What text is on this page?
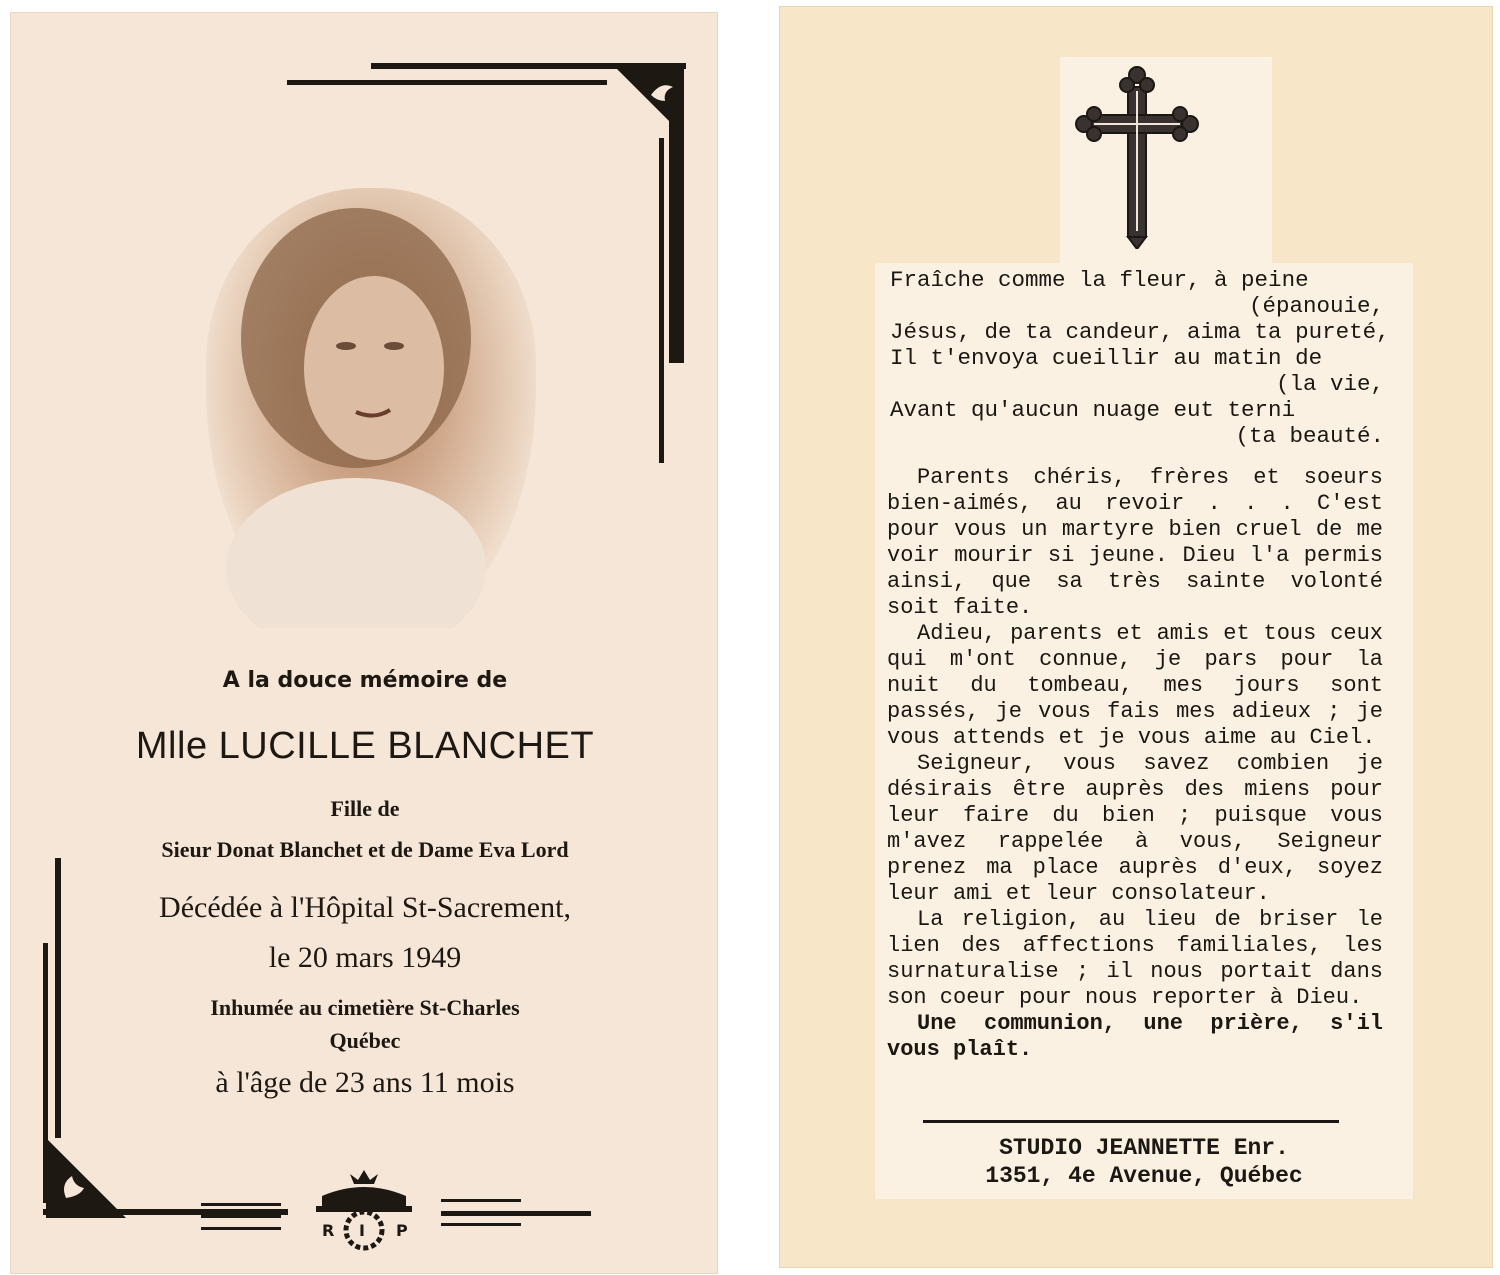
A la douce mémoire de

Mlle LUCILLE BLANCHET

Fille de

Sieur Donat Blanchet et de Dame Eva Lord

Décédée à l'Hôpital St-Sacrement,

le 20 mars 1949

Inhumée au cimetière St-Charles

Québec

à l'âge de 23 ans 11 mois

R I P
Fraîche comme la fleur, à peine
(épanouie,
Jésus, de ta candeur, aima ta pureté,
Il t'envoya cueillir au matin de
(la vie,
Avant qu'aucun nuage eut terni
(ta beauté.

Parents chéris, frères et soeurs bien-aimés, au revoir . . . C'est pour vous un martyre bien cruel de me voir mourir si jeune. Dieu l'a permis ainsi, que sa très sainte volonté soit faite.

Adieu, parents et amis et tous ceux qui m'ont connue, je pars pour la nuit du tombeau, mes jours sont passés, je vous fais mes adieux ; je vous attends et je vous aime au Ciel.

Seigneur, vous savez combien je désirais être auprès des miens pour leur faire du bien ; puisque vous m'avez rappelée à vous, Seigneur prenez ma place auprès d'eux, soyez leur ami et leur consolateur.

La religion, au lieu de briser le lien des affections familiales, les surnaturalise ; il nous portait dans son coeur pour nous reporter à Dieu.

Une communion, une prière, s'il vous plaît.

STUDIO JEANNETTE Enr.

1351, 4e Avenue, Québec
